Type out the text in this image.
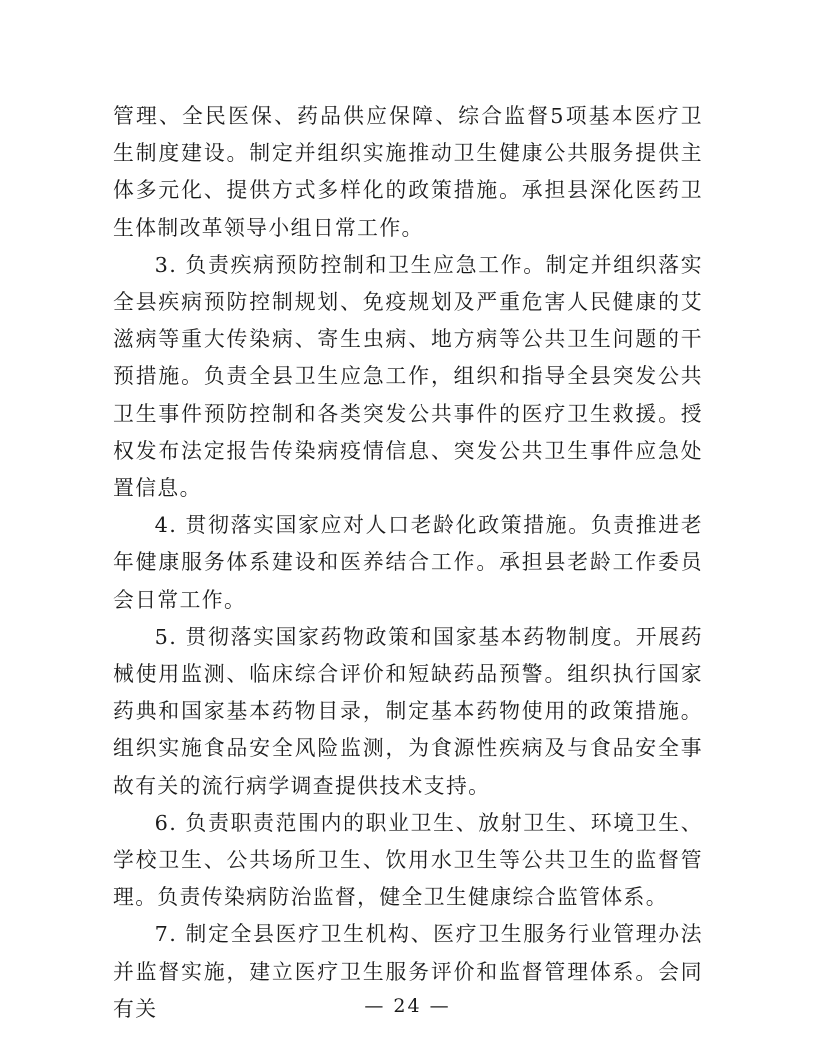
管理、全民医保、药品供应保障、综合监督5项基本医疗卫生制度建设。制定并组织实施推动卫生健康公共服务提供主体多元化、提供方式多样化的政策措施。承担县深化医药卫生体制改革领导小组日常工作。

3. 负责疾病预防控制和卫生应急工作。制定并组织落实全县疾病预防控制规划、免疫规划及严重危害人民健康的艾滋病等重大传染病、寄生虫病、地方病等公共卫生问题的干预措施。负责全县卫生应急工作，组织和指导全县突发公共卫生事件预防控制和各类突发公共事件的医疗卫生救援。授权发布法定报告传染病疫情信息、突发公共卫生事件应急处置信息。

4. 贯彻落实国家应对人口老龄化政策措施。负责推进老年健康服务体系建设和医养结合工作。承担县老龄工作委员会日常工作。

5. 贯彻落实国家药物政策和国家基本药物制度。开展药械使用监测、临床综合评价和短缺药品预警。组织执行国家药典和国家基本药物目录，制定基本药物使用的政策措施。组织实施食品安全风险监测，为食源性疾病及与食品安全事故有关的流行病学调查提供技术支持。

6. 负责职责范围内的职业卫生、放射卫生、环境卫生、学校卫生、公共场所卫生、饮用水卫生等公共卫生的监督管理。负责传染病防治监督，健全卫生健康综合监管体系。

7. 制定全县医疗卫生机构、医疗卫生服务行业管理办法并监督实施，建立医疗卫生服务评价和监督管理体系。会同有关	— 24 —
